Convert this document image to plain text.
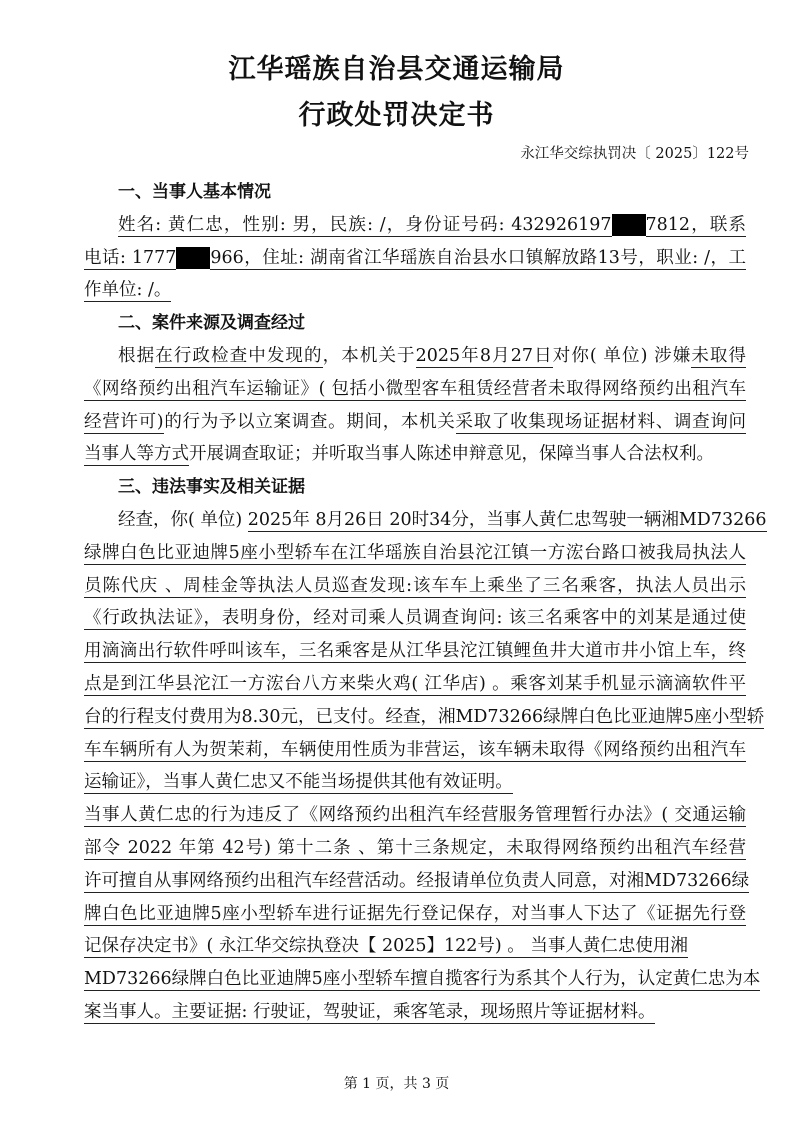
江华瑶族自治县交通运输局
行政处罚决定书
永江华交综执罚决〔 2025〕122号
一、当事人基本情况
姓名: 黄仁忠，性别: 男，民族: /，身份证号码: 432926197 7812，联系
电话: 1777 966，住址: 湖南省江华瑶族自治县水口镇解放路13号，职业: /，工
作单位: /。
二、案件来源及调查经过
根据在行政检查中发现的，本机关于2025年8月27日对你( 单位) 涉嫌未取得
《网络预约出租汽车运输证》( 包括小微型客车租赁经营者未取得网络预约出租汽车
经营许可)的行为予以立案调查。期间，本机关采取了收集现场证据材料、调查询问
当事人等方式开展调查取证；并听取当事人陈述申辩意见，保障当事人合法权利。
三、违法事实及相关证据
经查，你( 单位) 2025年 8月26日 20时34分，当事人黄仁忠驾驶一辆湘MD73266
绿牌白色比亚迪牌5座小型轿车在江华瑶族自治县沱江镇一方浤台路口被我局执法人
员陈代庆 、周桂金等执法人员巡查发现:该车车上乘坐了三名乘客，执法人员出示
《行政执法证》，表明身份，经对司乘人员调查询问: 该三名乘客中的刘某是通过使
用滴滴出行软件呼叫该车，三名乘客是从江华县沱江镇鲤鱼井大道市井小馆上车，终
点是到江华县沱江一方浤台八方来柴火鸡( 江华店) 。乘客刘某手机显示滴滴软件平
台的行程支付费用为8.30元，已支付。经查，湘MD73266绿牌白色比亚迪牌5座小型轿
车车辆所有人为贺茉莉，车辆使用性质为非营运，该车辆未取得《网络预约出租汽车
运输证》，当事人黄仁忠又不能当场提供其他有效证明。
当事人黄仁忠的行为违反了《网络预约出租汽车经营服务管理暂行办法》( 交通运输
部令 2022 年第 42号) 第十二条 、第十三条规定，未取得网络预约出租汽车经营
许可擅自从事网络预约出租汽车经营活动。经报请单位负责人同意，对湘MD73266绿
牌白色比亚迪牌5座小型轿车进行证据先行登记保存，对当事人下达了《证据先行登
记保存决定书》( 永江华交综执登决【 2025】122号) 。 当事人黄仁忠使用湘
MD73266绿牌白色比亚迪牌5座小型轿车擅自揽客行为系其个人行为，认定黄仁忠为本
案当事人。主要证据: 行驶证，驾驶证，乘客笔录，现场照片等证据材料。
第 1 页，共 3 页
